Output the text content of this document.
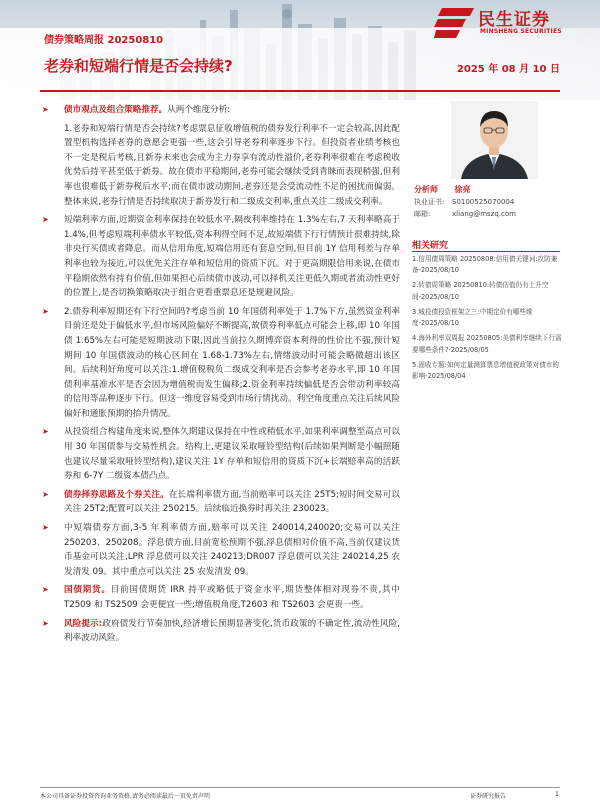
民生证券
MINSHENG SECURITIES
债券策略周报 20250810
老券和短端行情是否会持续?	2025 年 08 月 10 日
➤ 债市观点及组合策略推荐。从两个维度分析:
1.老券和短端行情是否会持续?考虑票息征收增值税的债券发行利率不一定会较高,因此配置型机构选择老券的意愿会更强一些,这会引导老券利率逐步下行。但投资者业绩考核也不一定是税后考核,且新券未来也会成为主力券享有流动性溢价,老券利率很难在考虑税收优势后持平甚至低于新券。故在债市平稳期间,老券可能会继续受到青睐而表现稍强,但利率也很难低于新券税后水平;而在债市波动期间,老券还是会受流动性不足的困扰而偏弱。整体来说,老券行情是否持续取决于新券发行和二级成交利率,重点关注二级成交利率。
➤ 短端利率方面,近期资金利率保持在较低水平,隔夜利率维持在 1.3%左右,7 天利率略高于 1.4%,但考虑短端利率债水平较低,资本利得空间不足,故短端债下行行情预计很难持续,除非央行买债或者降息。而从信用角度,短端信用还有套息空间,但目前 1Y 信用利差与存单利率也较为接近,可以优先关注存单和短信用的资质下沉。对于更高期限信用来说,在债市平稳期依然有持有价值,但如果担心后续债市波动,可以择机关注更低久期或者流动性更好的位置上,是否切换策略取决于组合更看重票息还是规避风险。
➤ 2.债券利率短期还有下行空间吗?考虑当前 10 年国债利率处于 1.7%下方,虽然资金利率目前还是处于偏低水平,但市场风险偏好不断提高,故债券利率低点可能会上移,即 10 年国债 1.65%左右可能是短期波动下限,因此当前拉久期博弈资本利得的性价比不强,预计短期间 10 年国债波动的核心区间在 1.68-1.73%左右,情绪波动时可能会略微超出该区间。后续利好角度可以关注:1.增值税税负二级成交利率是否会参考老券水平,即 10 年国债利率基准水平是否会因为增值税而发生偏移;2.资金利率持续偏低是否会带动利率较高的信用等品种逐步下行。但这一维度容易受到市场行情扰动。利空角度重点关注后续风险偏好和通胀预期的抬升情况。
➤ 从投资组合构建角度来说,整体久期建议保持在中性或稍低水平,如果利率调整至高点可以用 30 年国债参与交易性机会。结构上,更建议采取哑铃型结构(后续如果判断是小幅照随也建议尽量采取哑铃型结构),建议关注 1Y 存单和短信用的资质下沉+长端赔率高的活跃券和 6-7Y 二级资本债凸点。
➤ 债券择券思路及个券关注。在长端利率债方面,当前赔率可以关注 25T5;短时间交易可以关注 25T2;配置可以关注 250215。后续临近换券时再关注 230023。
➤ 中短端债券方面,3-5 年利率债方面,赔率可以关注 240014,240020;交易可以关注 250203、250208。浮息债方面,目前宽松预期不强,浮息债相对价值不高,当前仅建议货币基金可以关注,LPR 浮息债可以关注 240213;DR007 浮息债可以关注 240214,25 农发清发 09。其中重点可以关注 25 农发清发 09。
➤ 国债期货。目前国债期货 IRR 持平或略低于资金水平,期货整体相对现券不贵,其中 T2509 和 TS2509 会更便宜一些;增值税角度,T2603 和 TS2603 会更贵一些。
➤ 风险提示:政府债发行节奏加快,经济增长预期显著变化,货币政策的不确定性,流动性风险,利率波动风险。
分析师 徐亮
执业证书: S0100525070004
邮箱:	xliang@mszq.com
相关研究
1.信用债周策略 20250808:信用债关键词:攻防兼备-2025/08/10
2.转债周策略 20250810:转债估值仍有上升空间-2025/08/10
3.城投债投资框架之三:中期定价有哪些维度-2025/08/10
4.海外利率双周报 20250805:美债利率继续下行需要哪些条件?-2025/08/05
5.固收专题:如何定量测算票息增值税政策对债市的影响-2025/08/04
本公司具备证券投资咨询业务资格,请务必阅读最后一页免责声明	证券研究报告	1
